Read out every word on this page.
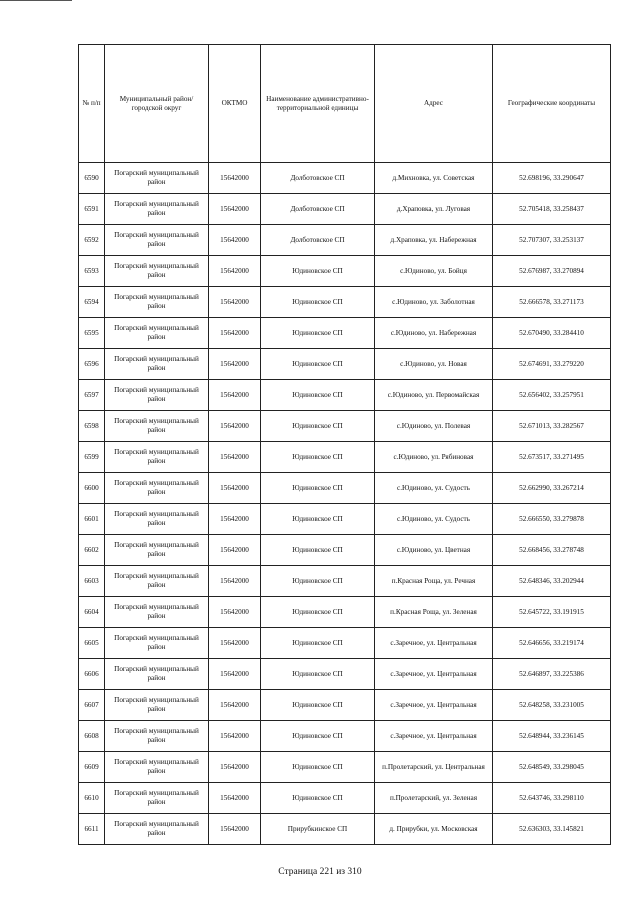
№ п/п	Муниципальный район/городской округ	ОКТМО	Наименование административно-территориальной единицы	Адрес	Географические координаты
6590	Погарский муниципальный район	15642000	Долботовское СП	д.Михновка, ул. Советская	52.698196, 33.290647
6591	Погарский муниципальный район	15642000	Долботовское СП	д.Храповка, ул. Луговая	52.705418, 33.258437
6592	Погарский муниципальный район	15642000	Долботовское СП	д.Храповка, ул. Набережная	52.707307, 33.253137
6593	Погарский муниципальный район	15642000	Юдиновское СП	с.Юдиново, ул. Бойця	52.676987, 33.270894
6594	Погарский муниципальный район	15642000	Юдиновское СП	с.Юдиново, ул. Заболотная	52.666578, 33.271173
6595	Погарский муниципальный район	15642000	Юдиновское СП	с.Юдиново, ул. Набережная	52.670490, 33.284410
6596	Погарский муниципальный район	15642000	Юдиновское СП	с.Юдиново, ул. Новая	52.674691, 33.279220
6597	Погарский муниципальный район	15642000	Юдиновское СП	с.Юдиново, ул. Первомайская	52.656402, 33.257951
6598	Погарский муниципальный район	15642000	Юдиновское СП	с.Юдиново, ул. Полевая	52.671013, 33.282567
6599	Погарский муниципальный район	15642000	Юдиновское СП	с.Юдиново, ул. Рябиновая	52.673517, 33.271495
6600	Погарский муниципальный район	15642000	Юдиновское СП	с.Юдиново, ул. Судость	52.662990, 33.267214
6601	Погарский муниципальный район	15642000	Юдиновское СП	с.Юдиново, ул. Судость	52.666550, 33.279878
6602	Погарский муниципальный район	15642000	Юдиновское СП	с.Юдиново, ул. Цветная	52.668456, 33.278748
6603	Погарский муниципальный район	15642000	Юдиновское СП	п.Красная Роща, ул. Речная	52.648346, 33.202944
6604	Погарский муниципальный район	15642000	Юдиновское СП	п.Красная Роща, ул. Зеленая	52.645722, 33.191915
6605	Погарский муниципальный район	15642000	Юдиновское СП	с.Заречное, ул. Центральная	52.646656, 33.219174
6606	Погарский муниципальный район	15642000	Юдиновское СП	с.Заречное, ул. Центральная	52.646897, 33.225386
6607	Погарский муниципальный район	15642000	Юдиновское СП	с.Заречное, ул. Центральная	52.648258, 33.231005
6608	Погарский муниципальный район	15642000	Юдиновское СП	с.Заречное, ул. Центральная	52.648944, 33.236145
6609	Погарский муниципальный район	15642000	Юдиновское СП	п.Пролетарский, ул. Центральная	52.648549, 33.298045
6610	Погарский муниципальный район	15642000	Юдиновское СП	п.Пролетарский, ул. Зеленая	52.643746, 33.298110
6611	Погарский муниципальный район	15642000	Прирубкинское СП	д. Прирубки, ул. Московская	52.636303, 33.145821
Страница 221 из 310
